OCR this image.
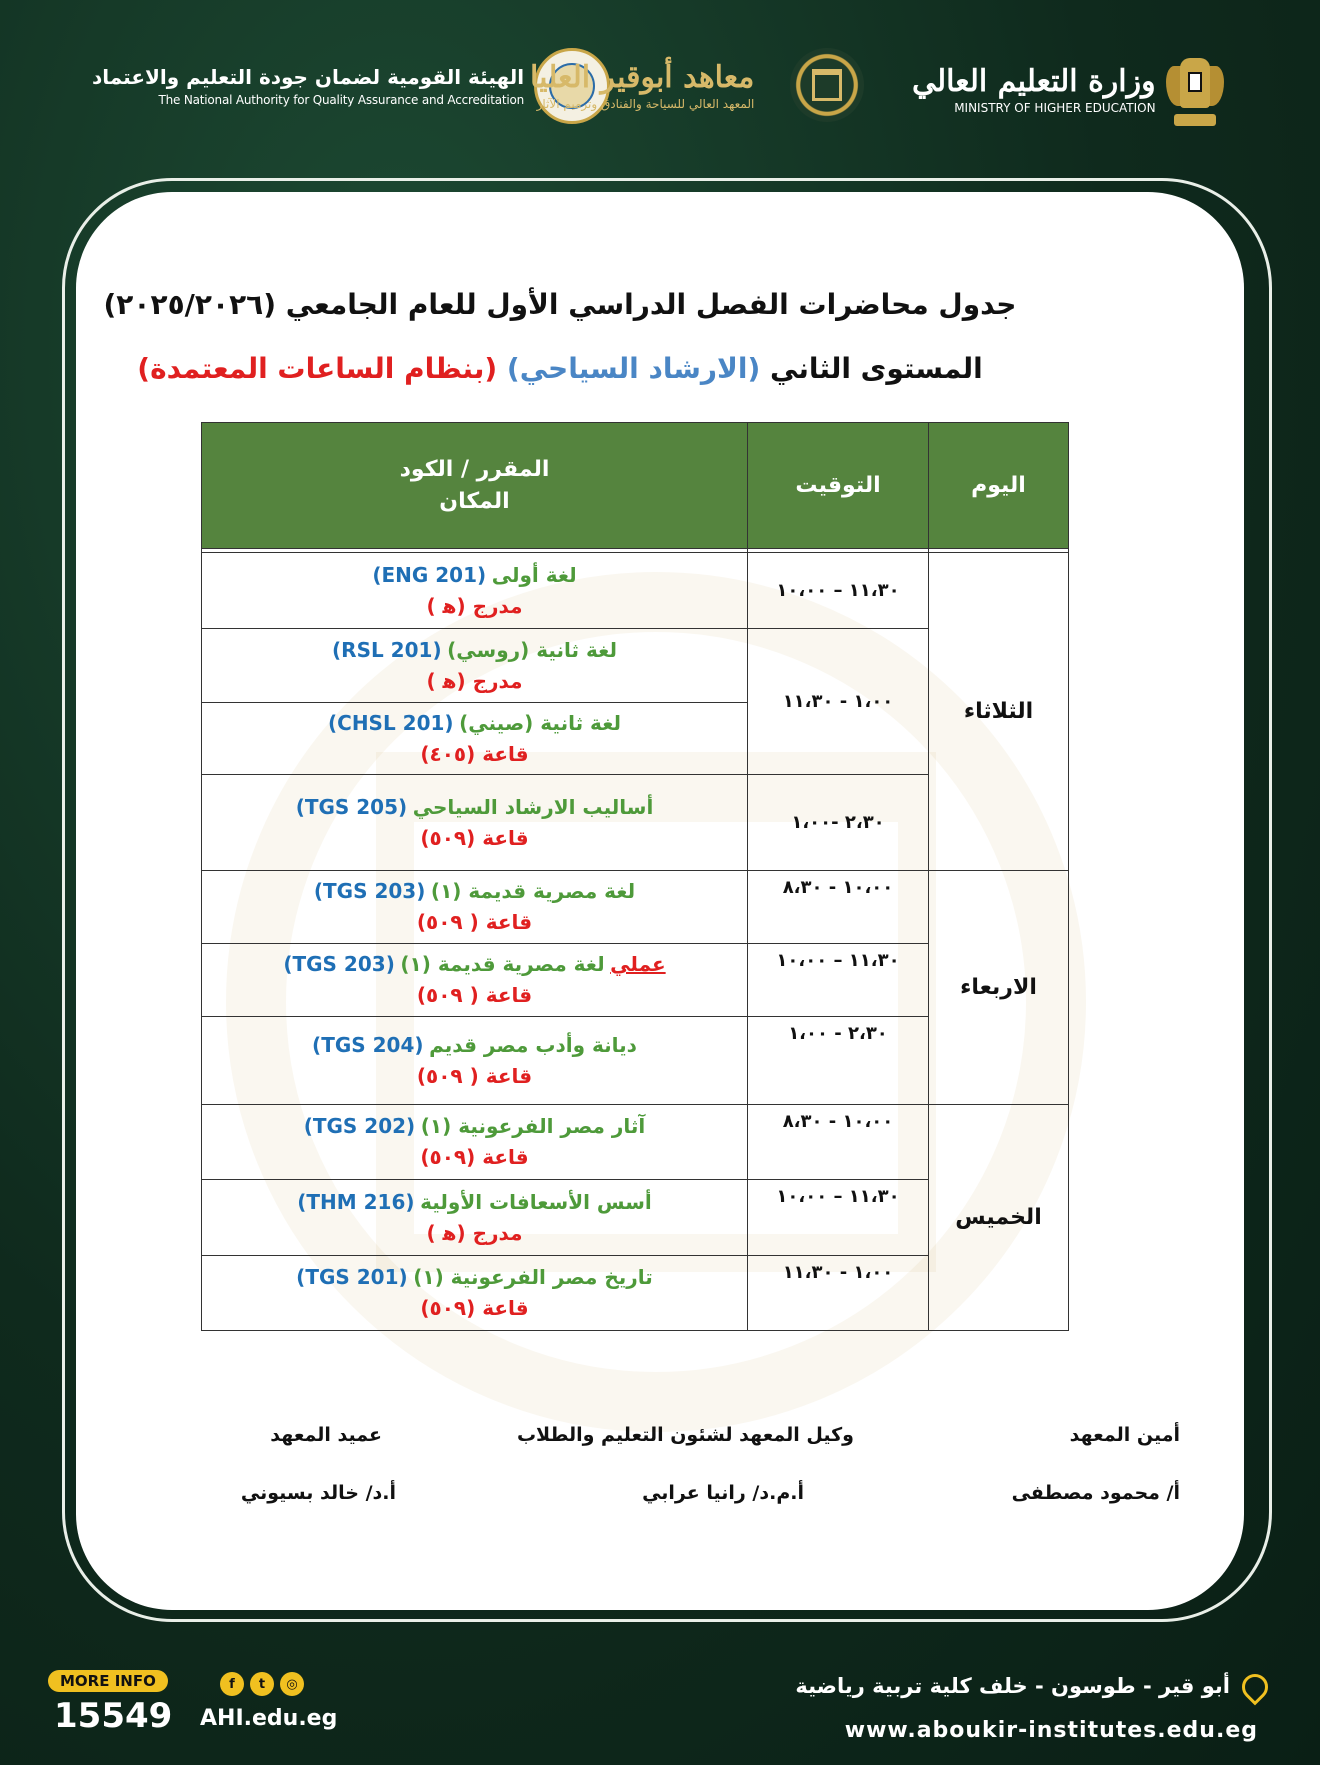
الهيئة القومية لضمان جودة التعليم والاعتماد
The National Authority for Quality Assurance and Accreditation
معاهد أبوقير العليا
المعهد العالي للسياحة والفنادق وترميم الآثار
وزارة التعليم العالي
MINISTRY OF HIGHER EDUCATION
جدول محاضرات الفصل الدراسي الأول للعام الجامعي (٢٠٢٥/٢٠٢٦)
المستوى الثاني (الارشاد السياحي) (بنظام الساعات المعتمدة)
اليوم	التوقيت	المقرر / الكود
المكان

الثلاثاء	١١،٣٠ – ١٠،٠٠	لغة أولى (ENG 201)
مدرج (ﻫ )

	١،٠٠ - ١١،٣٠	لغة ثانية (روسي) (RSL 201)
مدرج (ﻫ )

		لغة ثانية (صيني) (CHSL 201)
قاعة (٤٠٥)

	٢،٣٠ -١،٠٠	أساليب الارشاد السياحي (TGS 205)
قاعة (٥٠٩)

الاربعاء	١٠،٠٠ - ٨،٣٠	لغة مصرية قديمة (١) (TGS 203)
قاعة ( ٥٠٩)

	١١،٣٠ – ١٠،٠٠	عملي لغة مصرية قديمة (١) (TGS 203)
قاعة ( ٥٠٩)

	٢،٣٠ - ١،٠٠	ديانة وأدب مصر قديم (TGS 204)
قاعة ( ٥٠٩)

الخميس	١٠،٠٠ - ٨،٣٠	آثار مصر الفرعونية (١) (TGS 202)
قاعة (٥٠٩)

	١١،٣٠ – ١٠،٠٠	أسس الأسعافات الأولية (THM 216)
مدرج (ﻫ )

	١،٠٠ - ١١،٣٠	تاريخ مصر الفرعونية (١) (TGS 201)
قاعة (٥٠٩)
أمين المعهد
أ/ محمود مصطفى
وكيل المعهد لشئون التعليم والطلاب
أ.م.د/ رانيا عرابي
عميد المعهد
أ.د/ خالد بسيوني
MORE INFO
15549
f	t	◎
AHI.edu.eg
أبو قير - طوسون - خلف كلية تربية رياضية
www.aboukir-institutes.edu.eg
